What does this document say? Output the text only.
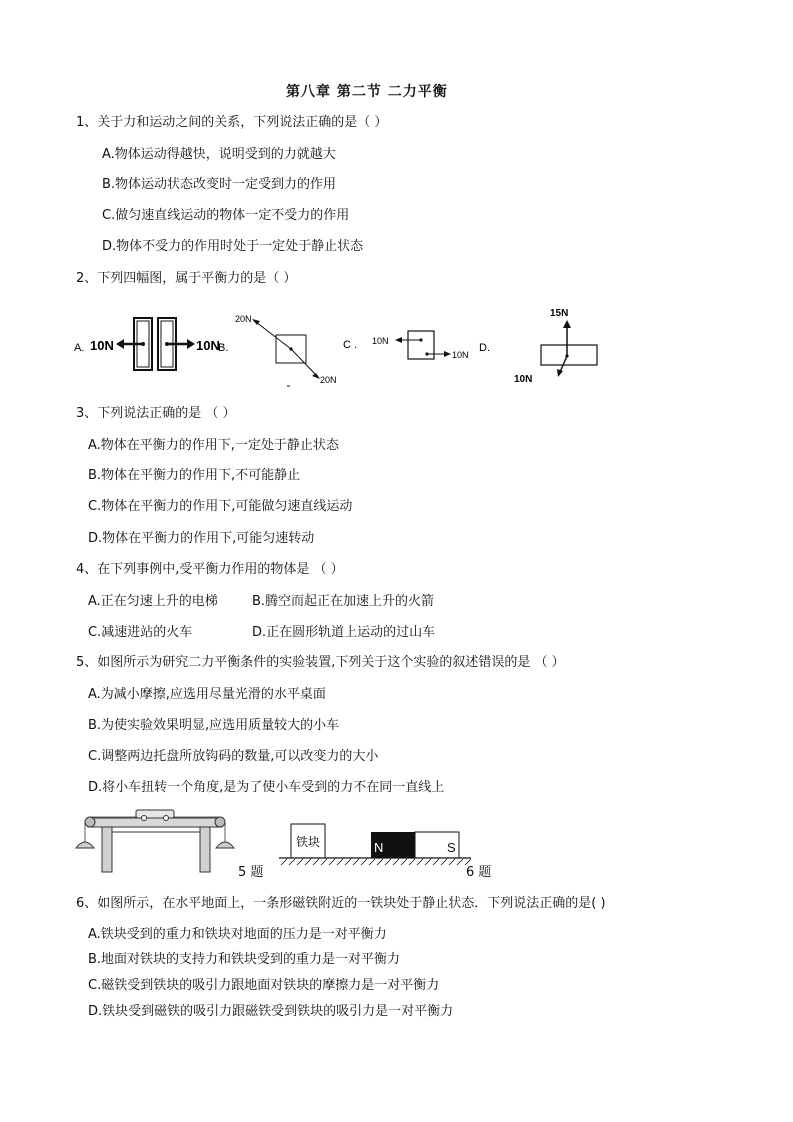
第八章 第二节 二力平衡
1、关于力和运动之间的关系，下列说法正确的是（ ）
A.物体运动得越快，说明受到的力就越大
B.物体运动状态改变时一定受到力的作用
C.做匀速直线运动的物体一定不受力的作用
D.物体不受力的作用时处于一定处于静止状态
2、下列四幅图，属于平衡力的是（ ）
A. 10N	10N
B.
20N
20N
C . 10N
10N
D.
15N
10N
3、下列说法正确的是 （ ）
A.物体在平衡力的作用下,一定处于静止状态
B.物体在平衡力的作用下,不可能静止
C.物体在平衡力的作用下,可能做匀速直线运动
D.物体在平衡力的作用下,可能匀速转动
4、在下列事例中,受平衡力作用的物体是 （ ）
A.正在匀速上升的电梯	B.腾空而起正在加速上升的火箭
C.减速进站的火车	D.正在圆形轨道上运动的过山车
5、如图所示为研究二力平衡条件的实验装置,下列关于这个实验的叙述错误的是 （ ）
A.为减小摩擦,应选用尽量光滑的水平桌面
B.为使实验效果明显,应选用质量较大的小车
C.调整两边托盘所放钩码的数量,可以改变力的大小
D.将小车扭转一个角度,是为了使小车受到的力不在同一直线上
5 题
铁块	N	S
6 题
6、如图所示，在水平地面上，一条形磁铁附近的一铁块处于静止状态．下列说法正确的是( )
A.铁块受到的重力和铁块对地面的压力是一对平衡力
B.地面对铁块的支持力和铁块受到的重力是一对平衡力
C.磁铁受到铁块的吸引力跟地面对铁块的摩擦力是一对平衡力
D.铁块受到磁铁的吸引力跟磁铁受到铁块的吸引力是一对平衡力
